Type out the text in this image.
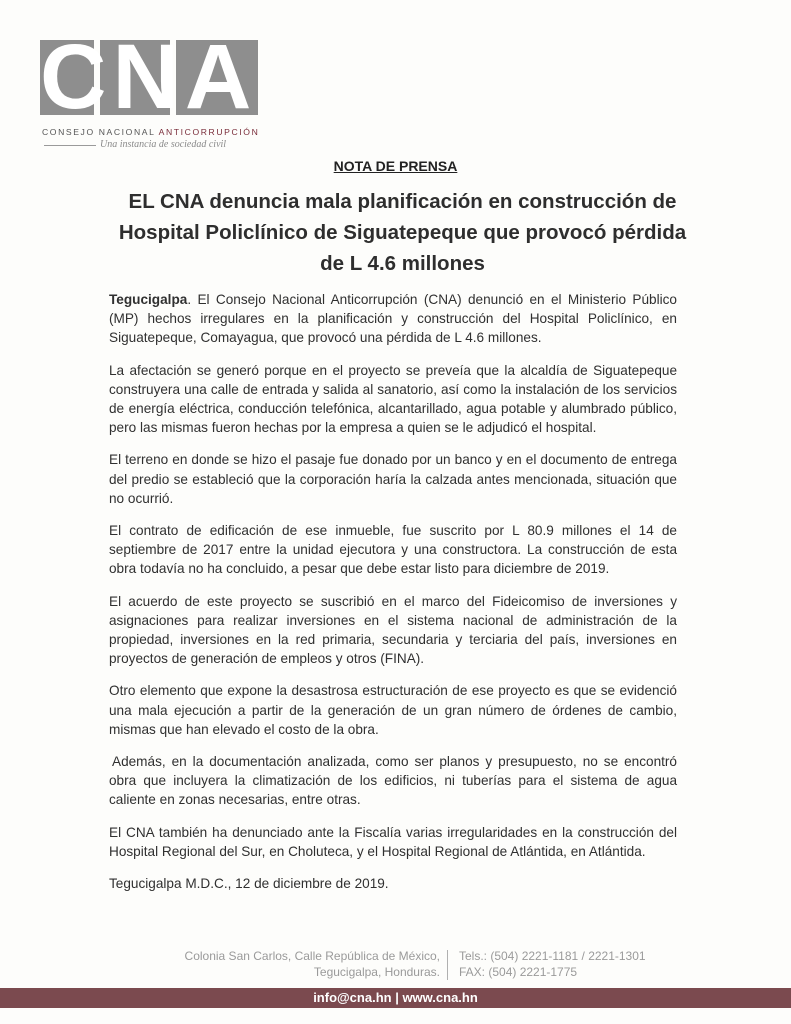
CNA
CONSEJO NACIONAL ANTICORRUPCIÓN
Una instancia de sociedad civil
NOTA DE PRENSA
EL CNA denuncia mala planificación en construcción de Hospital Policlínico de Siguatepeque que provocó pérdida de L 4.6 millones

Tegucigalpa. El Consejo Nacional Anticorrupción (CNA) denunció en el Ministerio Público (MP) hechos irregulares en la planificación y construcción del Hospital Policlínico, en Siguatepeque, Comayagua, que provocó una pérdida de L 4.6 millones.

La afectación se generó porque en el proyecto se preveía que la alcaldía de Siguatepeque construyera una calle de entrada y salida al sanatorio, así como la instalación de los servicios de energía eléctrica, conducción telefónica, alcantarillado, agua potable y alumbrado público, pero las mismas fueron hechas por la empresa a quien se le adjudicó el hospital.

El terreno en donde se hizo el pasaje fue donado por un banco y en el documento de entrega del predio se estableció que la corporación haría la calzada antes mencionada, situación que no ocurrió.

El contrato de edificación de ese inmueble, fue suscrito por L 80.9 millones el 14 de septiembre de 2017 entre la unidad ejecutora y una constructora. La construcción de esta obra todavía no ha concluido, a pesar que debe estar listo para diciembre de 2019.

El acuerdo de este proyecto se suscribió en el marco del Fideicomiso de inversiones y asignaciones para realizar inversiones en el sistema nacional de administración de la propiedad, inversiones en la red primaria, secundaria y terciaria del país, inversiones en proyectos de generación de empleos y otros (FINA).

Otro elemento que expone la desastrosa estructuración de ese proyecto es que se evidenció una mala ejecución a partir de la generación de un gran número de órdenes de cambio, mismas que han elevado el costo de la obra.

Además, en la documentación analizada, como ser planos y presupuesto, no se encontró obra que incluyera la climatización de los edificios, ni tuberías para el sistema de agua caliente en zonas necesarias, entre otras.

El CNA también ha denunciado ante la Fiscalía varias irregularidades en la construcción del Hospital Regional del Sur, en Choluteca, y el Hospital Regional de Atlántida, en Atlántida.

Tegucigalpa M.D.C., 12 de diciembre de 2019.

Colonia San Carlos, Calle República de México,
Tegucigalpa, Honduras.
Tels.: (504) 2221-1181 / 2221-1301
FAX: (504) 2221-1775
info@cna.hn | www.cna.hn
